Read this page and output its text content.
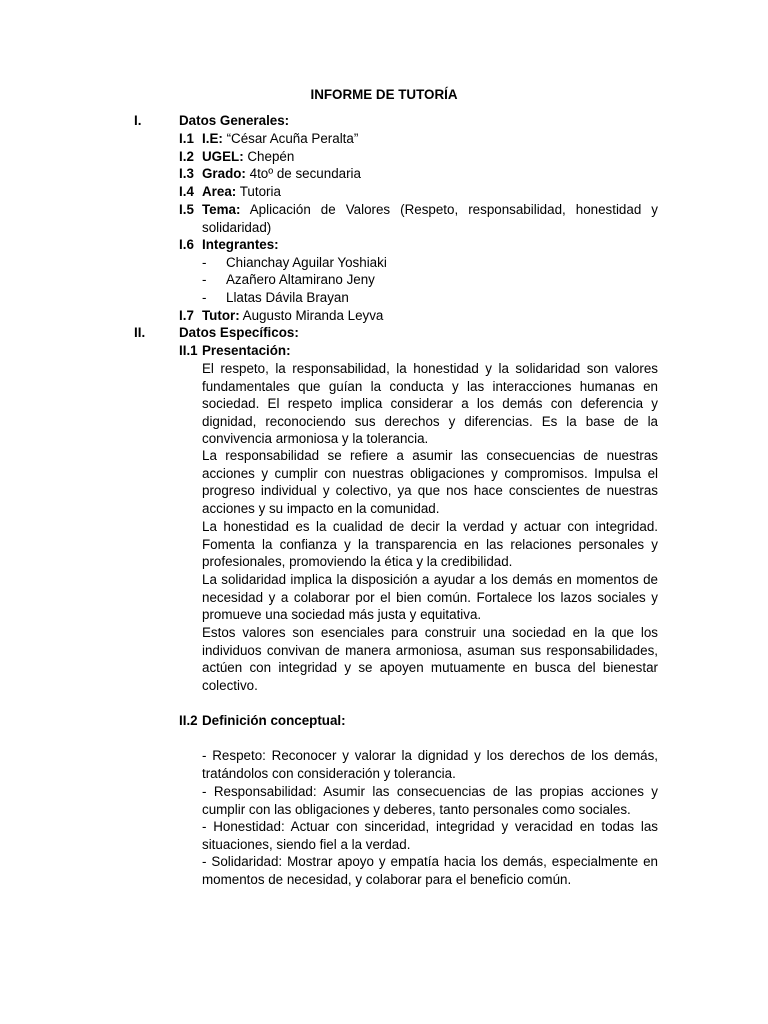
INFORME DE TUTORÍA
I.	Datos Generales:
I.1 I.E: “César Acuña Peralta”
I.2 UGEL: Chepén
I.3 Grado: 4toº de secundaria
I.4 Area: Tutoria
I.5 Tema: Aplicación de Valores (Respeto, responsabilidad, honestidad y solidaridad)

I.6 Integrantes:
- Chianchay Aguilar Yoshiaki
- Azañero Altamirano Jeny
- Llatas Dávila Brayan
I.7 Tutor: Augusto Miranda Leyva
II.	Datos Específicos:
II.1 Presentación:

El respeto, la responsabilidad, la honestidad y la solidaridad son valores fundamentales que guían la conducta y las interacciones humanas en sociedad. El respeto implica considerar a los demás con deferencia y dignidad, reconociendo sus derechos y diferencias. Es la base de la convivencia armoniosa y la tolerancia.

La responsabilidad se refiere a asumir las consecuencias de nuestras acciones y cumplir con nuestras obligaciones y compromisos. Impulsa el progreso individual y colectivo, ya que nos hace conscientes de nuestras acciones y su impacto en la comunidad.

La honestidad es la cualidad de decir la verdad y actuar con integridad. Fomenta la confianza y la transparencia en las relaciones personales y profesionales, promoviendo la ética y la credibilidad.

La solidaridad implica la disposición a ayudar a los demás en momentos de necesidad y a colaborar por el bien común. Fortalece los lazos sociales y promueve una sociedad más justa y equitativa.

Estos valores son esenciales para construir una sociedad en la que los individuos convivan de manera armoniosa, asuman sus responsabilidades, actúen con integridad y se apoyen mutuamente en busca del bienestar colectivo.

II.2 Definición conceptual:

- Respeto: Reconocer y valorar la dignidad y los derechos de los demás, tratándolos con consideración y tolerancia.

- Responsabilidad: Asumir las consecuencias de las propias acciones y cumplir con las obligaciones y deberes, tanto personales como sociales.

- Honestidad: Actuar con sinceridad, integridad y veracidad en todas las situaciones, siendo fiel a la verdad.

- Solidaridad: Mostrar apoyo y empatía hacia los demás, especialmente en momentos de necesidad, y colaborar para el beneficio común.
